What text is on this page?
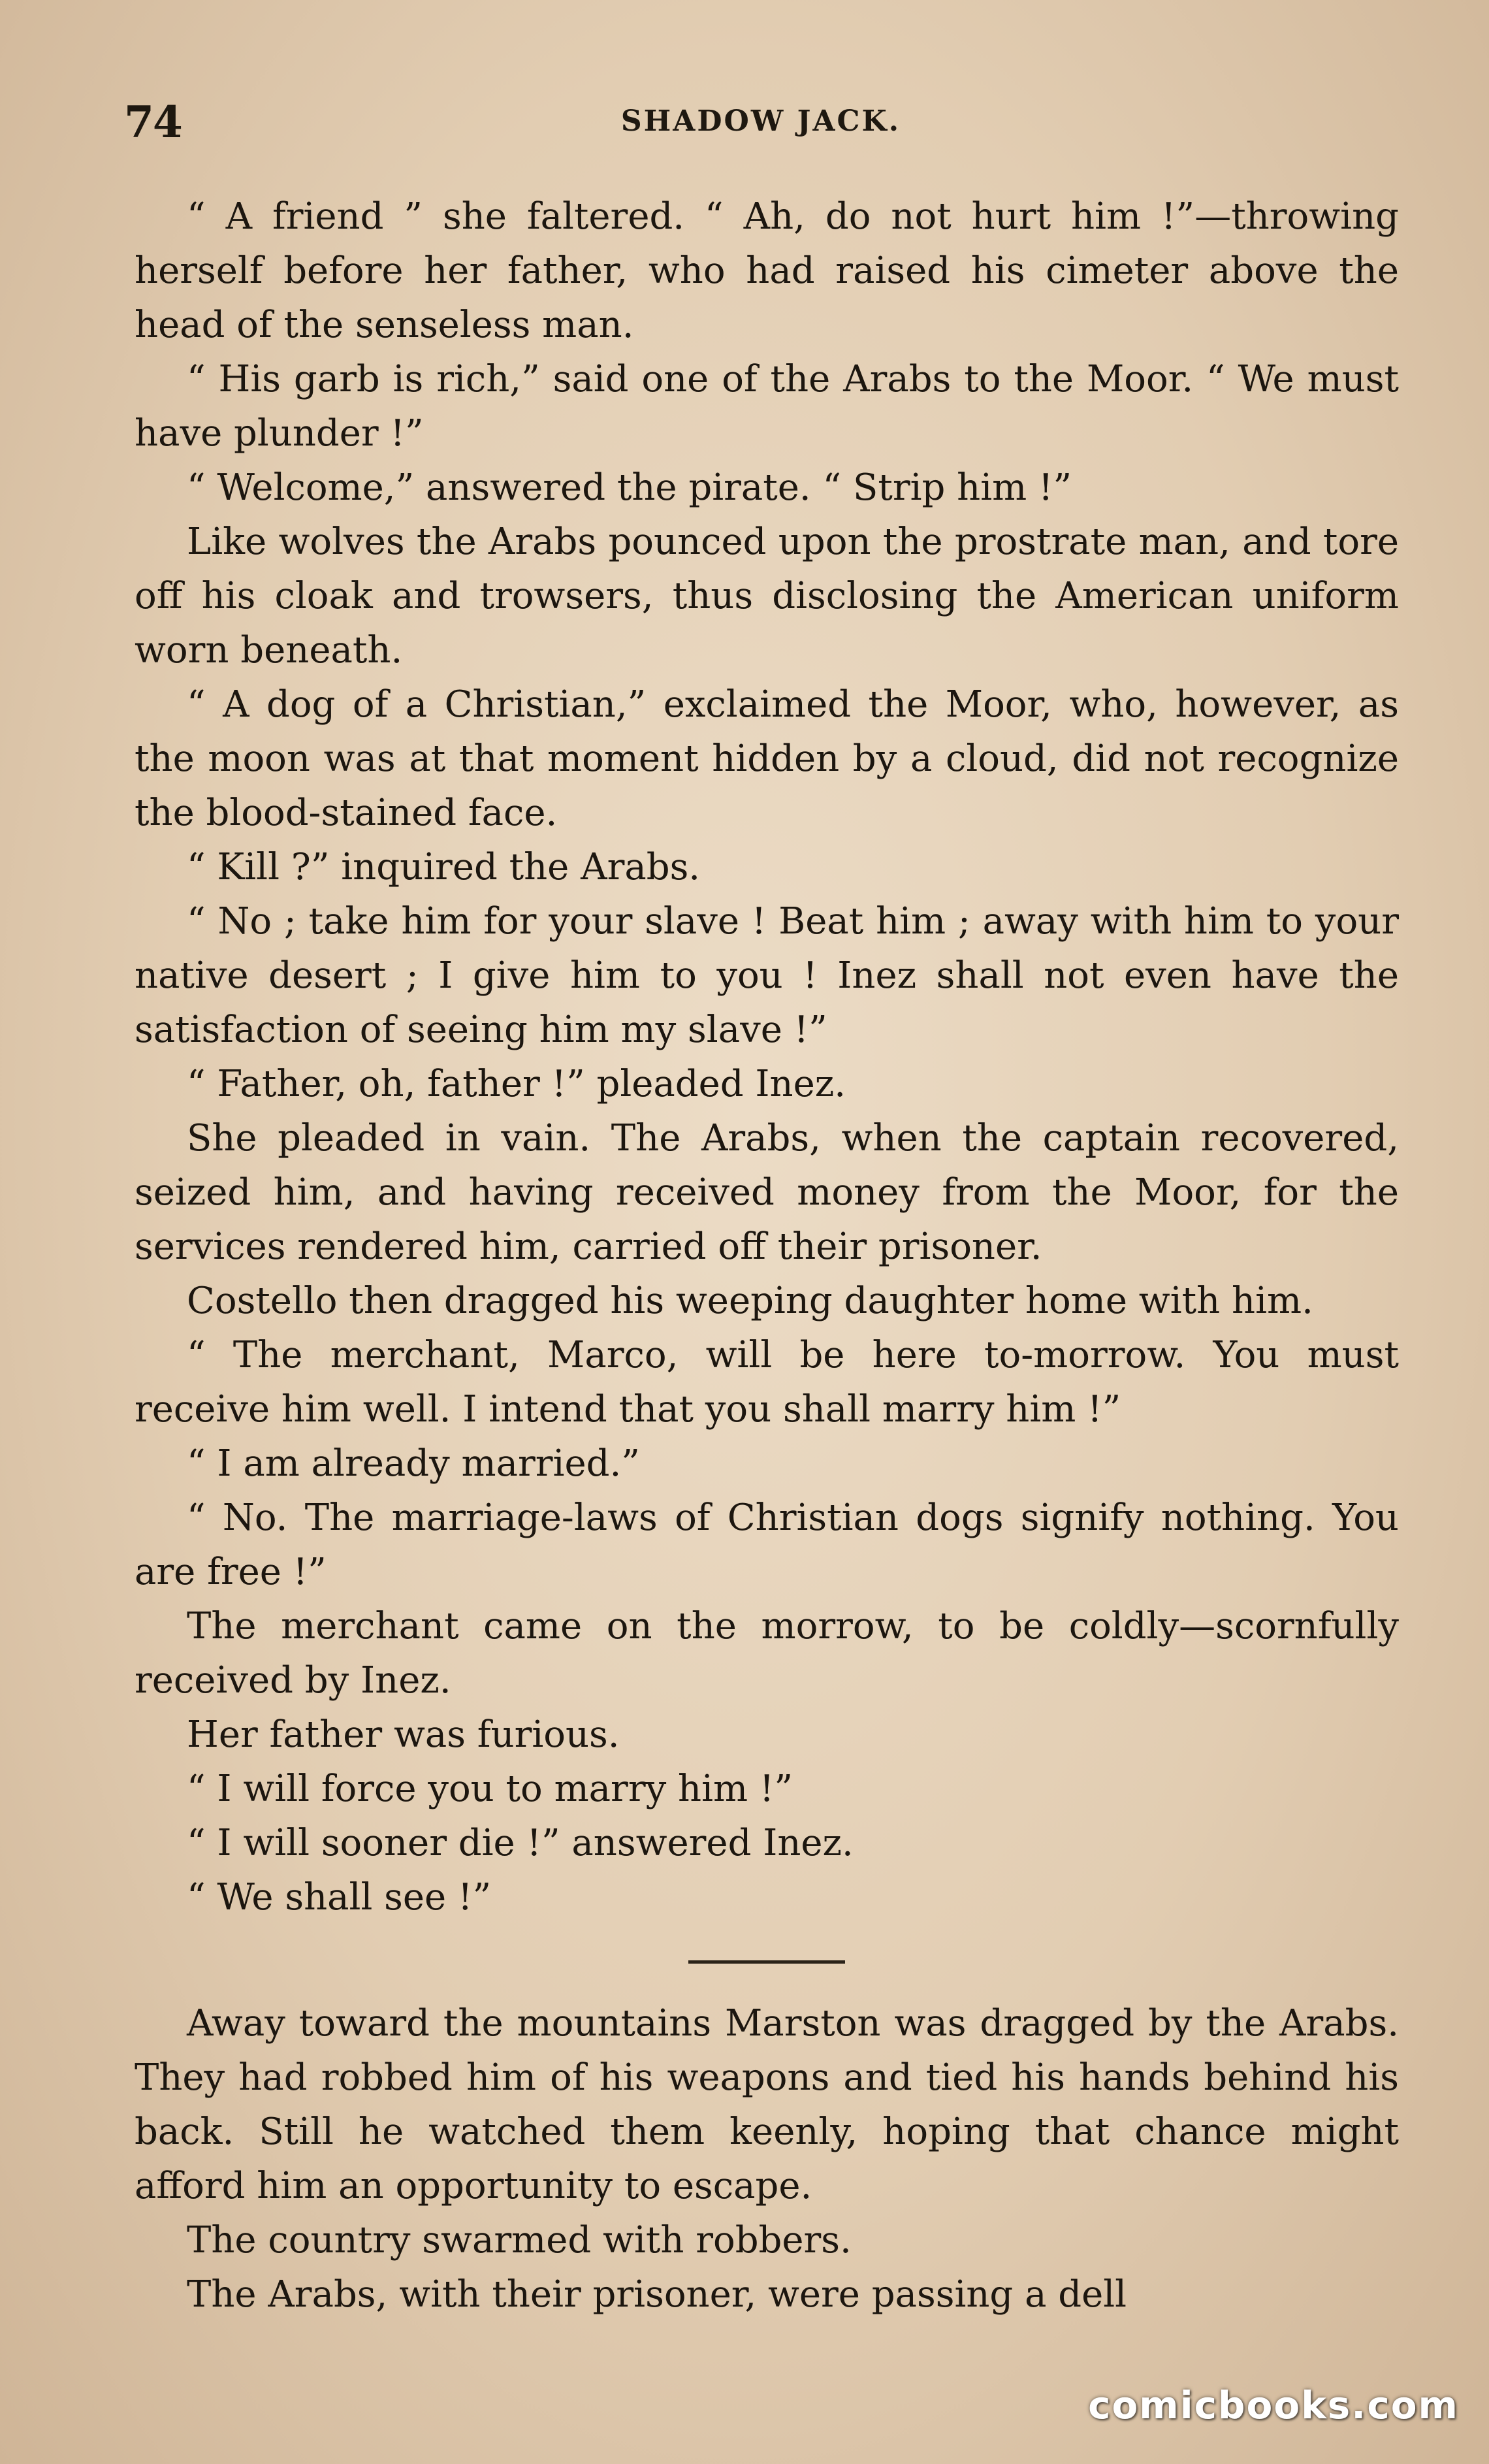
74	SHADOW JACK.

“ A friend ” she faltered. “ Ah, do not hurt him !”—throwing herself before her father, who had raised his cimeter above the head of the senseless man.

“ His garb is rich,” said one of the Arabs to the Moor. “ We must have plunder !”

“ Welcome,” answered the pirate. “ Strip him !”

Like wolves the Arabs pounced upon the prostrate man, and tore off his cloak and trowsers, thus disclosing the American uniform worn beneath.

“ A dog of a Christian,” exclaimed the Moor, who, however, as the moon was at that moment hidden by a cloud, did not recognize the blood-stained face.

“ Kill ?” inquired the Arabs.

“ No ; take him for your slave ! Beat him ; away with him to your native desert ; I give him to you ! Inez shall not even have the satisfaction of seeing him my slave !”

“ Father, oh, father !” pleaded Inez.

She pleaded in vain. The Arabs, when the captain recovered, seized him, and having received money from the Moor, for the services rendered him, carried off their prisoner.

Costello then dragged his weeping daughter home with him.

“ The merchant, Marco, will be here to-morrow. You must receive him well. I intend that you shall marry him !”

“ I am already married.”

“ No. The marriage-laws of Christian dogs signify nothing. You are free !”

The merchant came on the morrow, to be coldly—scornfully received by Inez.

Her father was furious.

“ I will force you to marry him !”

“ I will sooner die !” answered Inez.

“ We shall see !”

Away toward the mountains Marston was dragged by the Arabs. They had robbed him of his weapons and tied his hands behind his back. Still he watched them keenly, hoping that chance might afford him an opportunity to escape.

The country swarmed with robbers.

The Arabs, with their prisoner, were passing a dell

comicbooks.com
